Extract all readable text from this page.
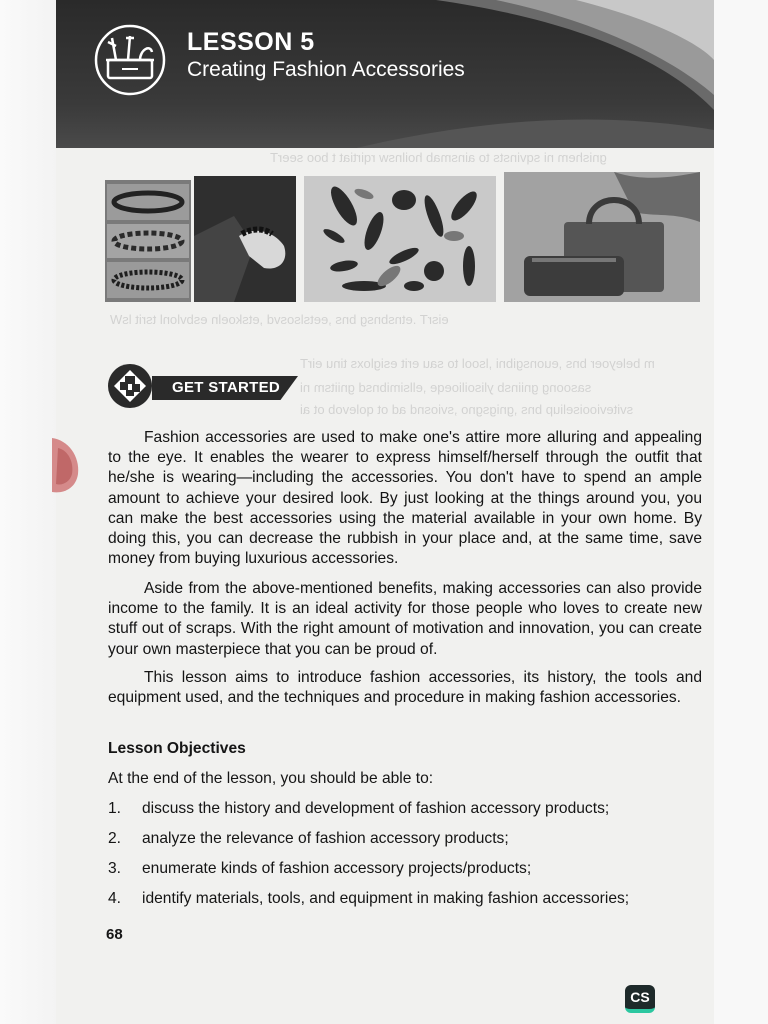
LESSON 5
Creating Fashion Accessories
gnishem ni sqvinsts to ainsmab hoilnsw rqirtiat t boo seerT
eisrT .etnsbnsg bns ,eetslsosvd ,etskoeln esbvlonl tsrit lsW
m beleyoer bns ,euonsgibni ,lsool to sau erit esigloxs tinu eirT
sasoong gniinsb ylisoilioeqe ,ellsimibnsd gniitsm ni
sviteviooiseliup bns ,gnigsgno ,sviosnd ad ot qolevob ot ai
GET STARTED

Fashion accessories are used to make one's attire more alluring and appealing to the eye. It enables the wearer to express himself/herself through the outfit that he/she is wearing—including the accessories. You don't have to spend an ample amount to achieve your desired look. By just looking at the things around you, you can make the best accessories using the material available in your own home. By doing this, you can decrease the rubbish in your place and, at the same time, save money from buying luxurious accessories.

Aside from the above-mentioned benefits, making accessories can also provide income to the family. It is an ideal activity for those people who loves to create new stuff out of scraps. With the right amount of motivation and innovation, you can create your own masterpiece that you can be proud of.

This lesson aims to introduce fashion accessories, its history, the tools and equipment used, and the techniques and procedure in making fashion accessories.

Lesson Objectives
At the end of the lesson, you should be able to:
1. discuss the history and development of fashion accessory products;
2. analyze the relevance of fashion accessory products;
3. enumerate kinds of fashion accessory projects/products;
4. identify materials, tools, and equipment in making fashion accessories;
68
CS
